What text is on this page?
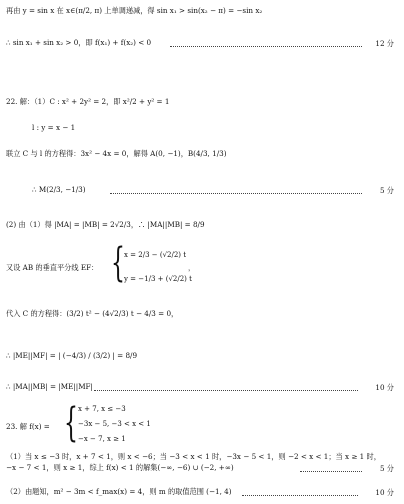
再由 y = sin x 在 x∈(π/2, π) 上单调递减，得 sin x₁ > sin(x₂ − π) = −sin x₂
∴ sin x₁ + sin x₂ > 0，即 f(x₁) + f(x₂) < 0	12 分
22. 解：（1）C : x² + 2y² = 2，即 x²/2 + y² = 1
l : y = x − 1
联立 C 与 l 的方程得：3x² − 4x = 0，解得 A(0, −1)，B(4/3, 1/3)
∴ M(2/3, −1/3)	5 分
(2) 由（1）得 |MA| = |MB| = 2√2/3，∴ |MA||MB| = 8/9
又设 AB 的垂直平分线 EF： { x = 2/3 − (√2/2) t
y = −1/3 + (√2/2) t
，
代入 C 的方程得：(3/2) t² − (4√2/3) t − 4/3 = 0，
∴ |ME||MF| = | (−4/3) / (3/2) | = 8/9
∴ |MA||MB| = |ME||MF|	10 分
23. 解 f(x) = { x + 7, x ≤ −3
−3x − 5, −3 < x < 1
−x − 7, x ≥ 1
（1）当 x ≤ −3 时，x + 7 < 1，则 x < −6；当 −3 < x < 1 时，−3x − 5 < 1，则 −2 < x < 1；当 x ≥ 1 时，
−x − 7 < 1，则 x ≥ 1，综上 f(x) < 1 的解集(−∞, −6) ∪ (−2, +∞)	5 分
（2）由题知，m² − 3m < f_max(x) = 4，则 m 的取值范围 (−1, 4)	10 分
